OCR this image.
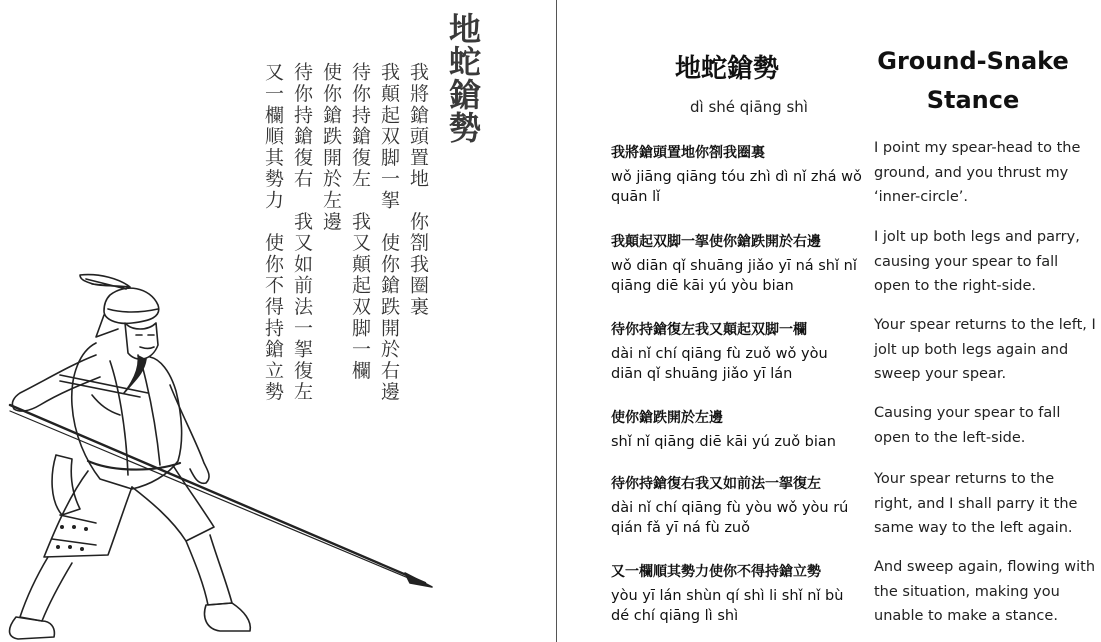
地蛇鎗勢
我將鎗頭置地　你劄我圈裏
我顛起双脚一挐　使你鎗跌開於右邊
待你持鎗復左　我又顛起双脚一欄
使你鎗跌開於左邊
待你持鎗復右　我又如前法一挐復左
又一欄順其勢力　使你不得持鎗立勢	地蛇鎗勢
dì shé qiāng shì
Ground-Snake Stance
我將鎗頭置地你劄我圈裏
wǒ jiāng qiāng tóu zhì dì nǐ zhá wǒ quān lǐ
I point my spear-head to the ground, and you thrust my ‘inner-circle’.
我顛起双脚一挐使你鎗跌開於右邊
wǒ diān qǐ shuāng jiǎo yī ná shǐ nǐ qiāng diē kāi yú yòu bian
I jolt up both legs and parry, causing your spear to fall open to the right-side.
待你持鎗復左我又顛起双脚一欄
dài nǐ chí qiāng fù zuǒ wǒ yòu diān qǐ shuāng jiǎo yī lán
Your spear returns to the left, I jolt up both legs again and sweep your spear.
使你鎗跌開於左邊
shǐ nǐ qiāng diē kāi yú zuǒ bian
Causing your spear to fall open to the left-side.
待你持鎗復右我又如前法一挐復左
dài nǐ chí qiāng fù yòu wǒ yòu rú qián fǎ yī ná fù zuǒ
Your spear returns to the right, and I shall parry it the same way to the left again.
又一欄順其勢力使你不得持鎗立勢
yòu yī lán shùn qí shì li shǐ nǐ bù dé chí qiāng lì shì
And sweep again, flowing with the situation, making you unable to make a stance.
